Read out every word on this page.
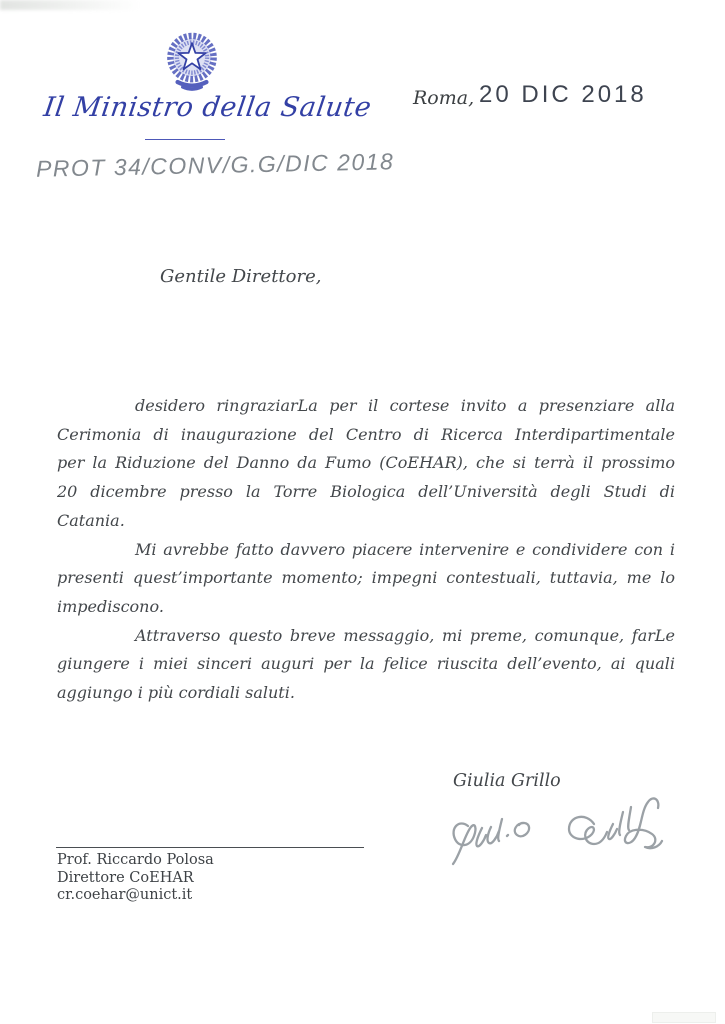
Il Ministro della Salute Roma, 20 DIC 2018
PROT 34/CONV/G.G/DIC 2018
Gentile Direttore,
desidero ringraziarLa per il cortese invito a presenziare alla
Cerimonia di inaugurazione del Centro di Ricerca Interdipartimentale
per la Riduzione del Danno da Fumo (CoEHAR), che si terrà il prossimo
20 dicembre presso la Torre Biologica dell’Università degli Studi di
Catania.
Mi avrebbe fatto davvero piacere intervenire e condividere con i
presenti quest’importante momento; impegni contestuali, tuttavia, me lo
impediscono.
Attraverso questo breve messaggio, mi preme, comunque, farLe
giungere i miei sinceri auguri per la felice riuscita dell’evento, ai quali
aggiungo i più cordiali saluti.
Giulia Grillo
Prof. Riccardo Polosa
Direttore CoEHAR
cr.coehar@unict.it
